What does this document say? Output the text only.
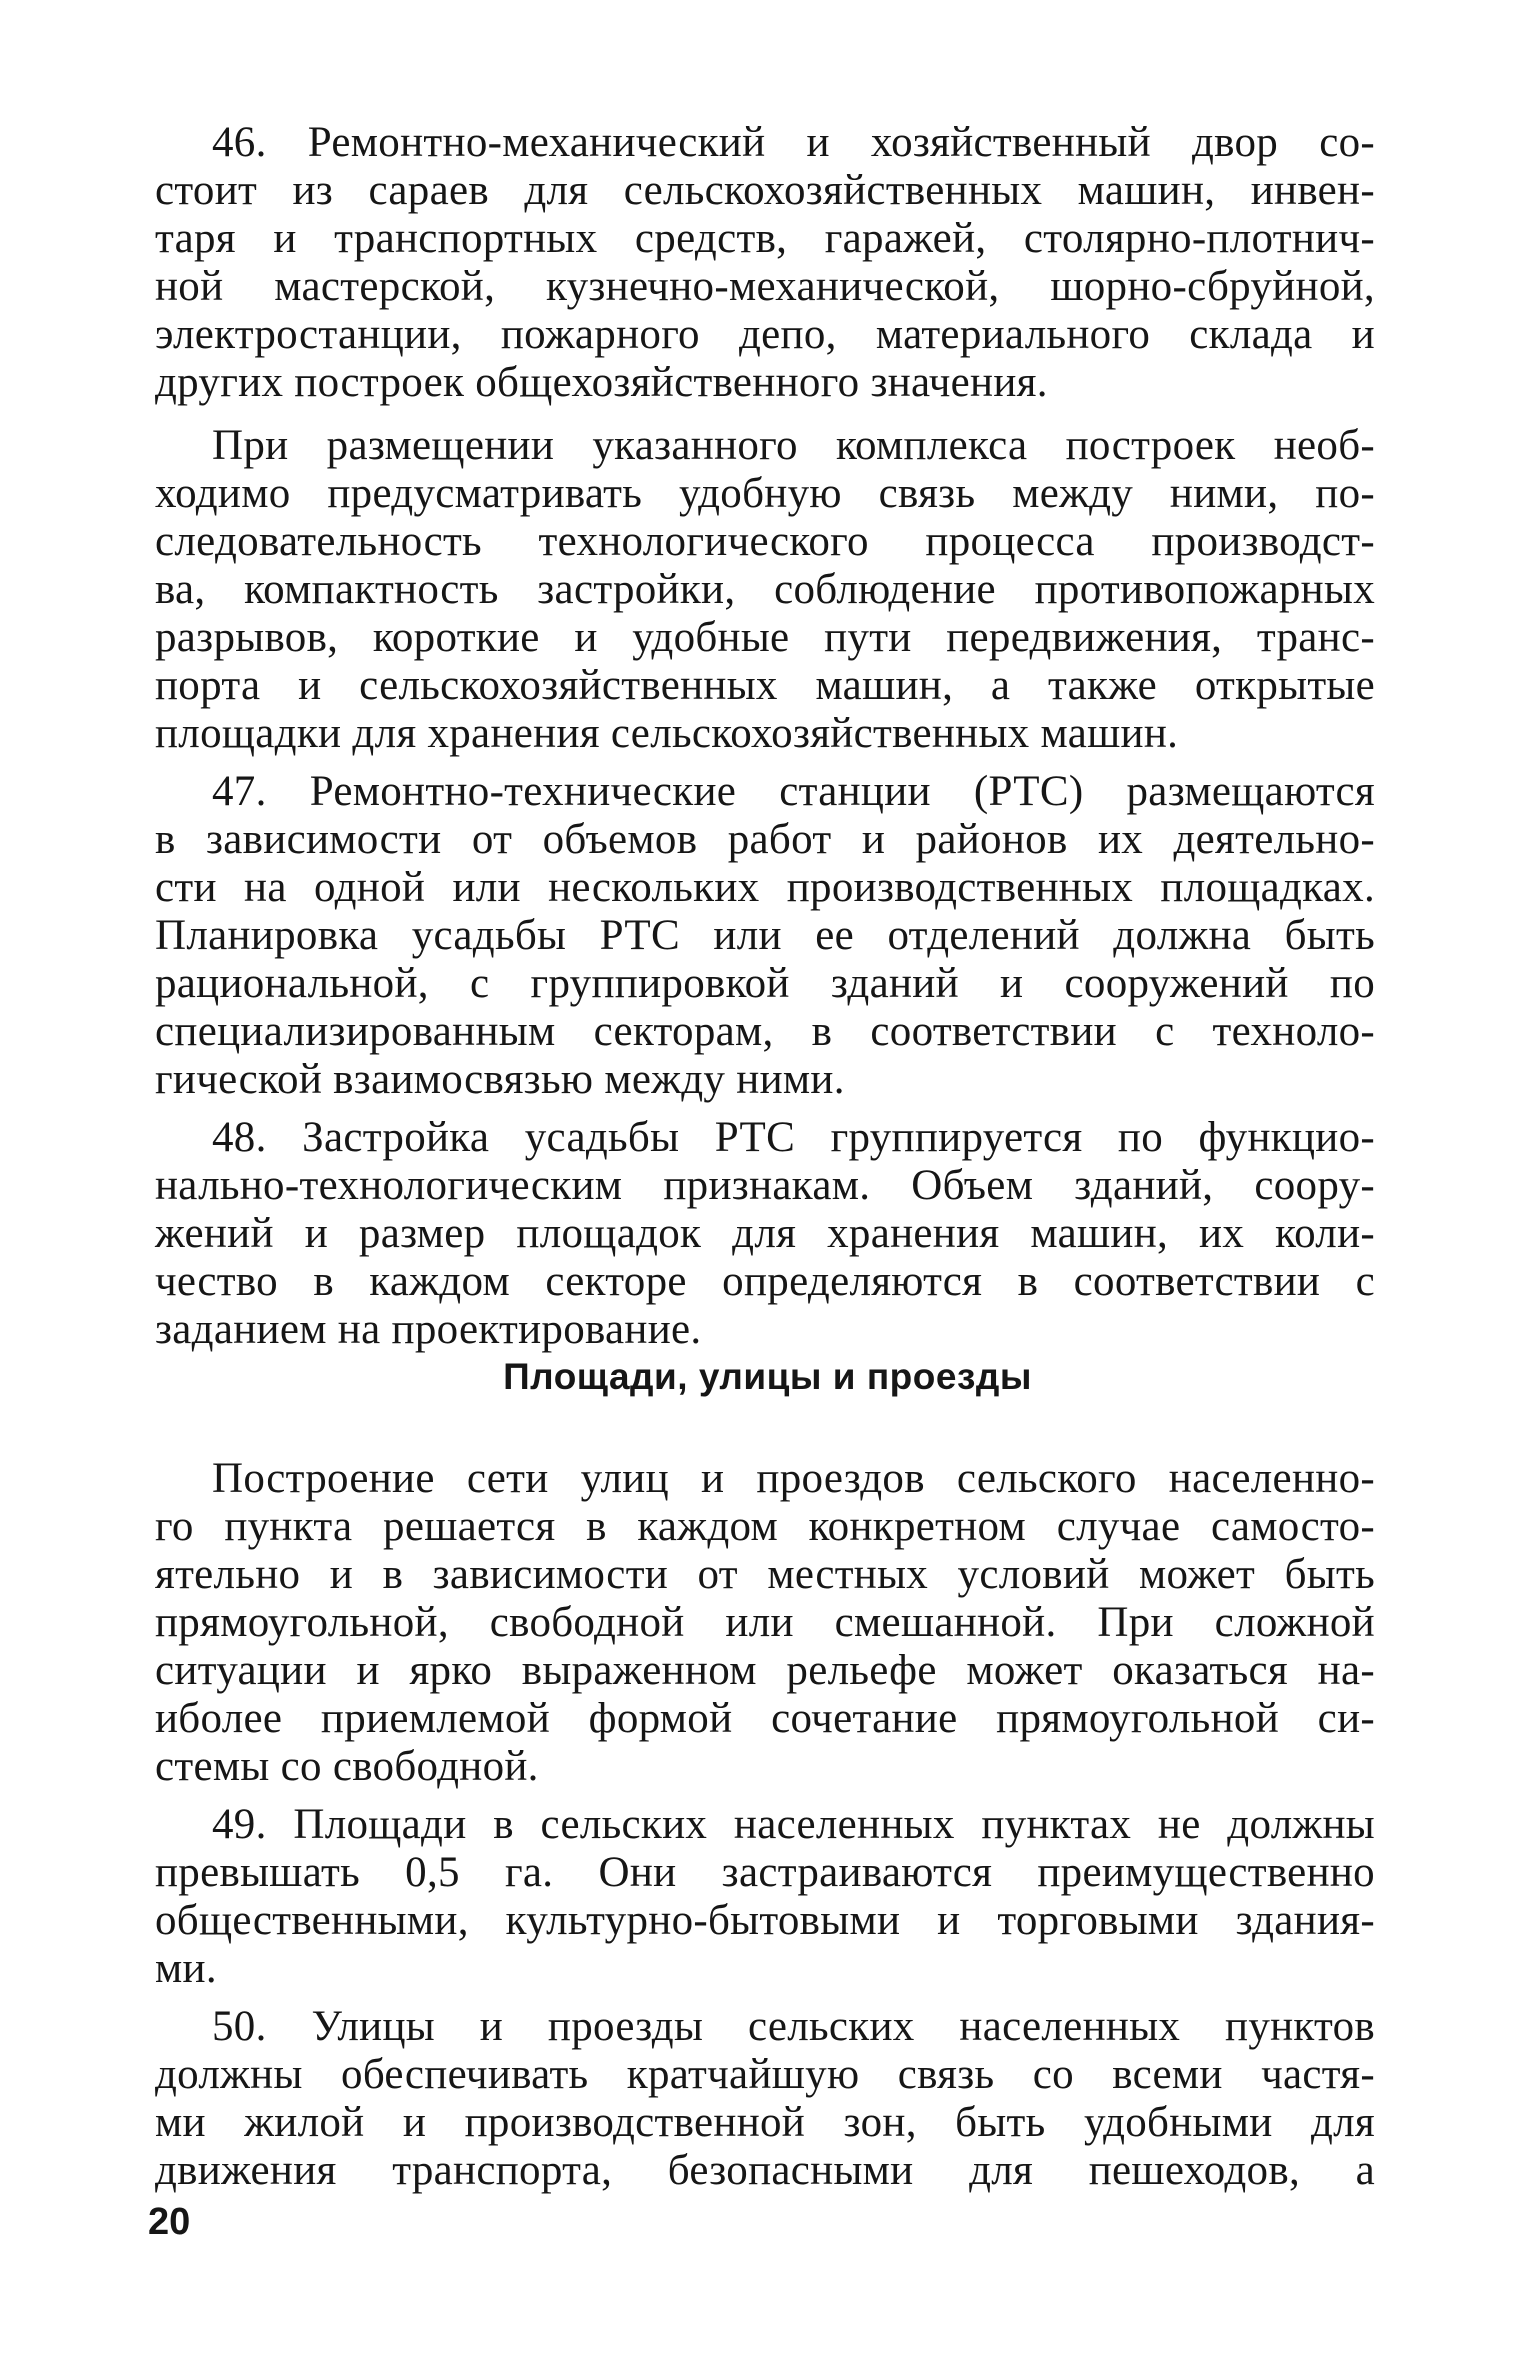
46. Ремонтно-механический и хозяйственный двор со-
стоит из сараев для сельскохозяйственных машин, инвен-
таря и транспортных средств, гаражей, столярно-плотнич-
ной мастерской, кузнечно-механической, шорно-сбруйной,
электростанции, пожарного депо, материального склада и
других построек общехозяйственного значения.
При размещении указанного комплекса построек необ-
ходимо предусматривать удобную связь между ними, по-
следовательность технологического процесса производст-
ва, компактность застройки, соблюдение противопожарных
разрывов, короткие и удобные пути передвижения, транс-
порта и сельскохозяйственных машин, а также открытые
площадки для хранения сельскохозяйственных машин.
47. Ремонтно-технические станции (РТС) размещаются
в зависимости от объемов работ и районов их деятельно-
сти на одной или нескольких производственных площадках.
Планировка усадьбы РТС или ее отделений должна быть
рациональной, с группировкой зданий и сооружений по
специализированным секторам, в соответствии с техноло-
гической взаимосвязью между ними.
48. Застройка усадьбы РТС группируется по функцио-
нально-технологическим признакам. Объем зданий, соору-
жений и размер площадок для хранения машин, их коли-
чество в каждом секторе определяются в соответствии с
заданием на проектирование.
Площади, улицы и проезды
Построение сети улиц и проездов сельского населенно-
го пункта решается в каждом конкретном случае самосто-
ятельно и в зависимости от местных условий может быть
прямоугольной, свободной или смешанной. При сложной
ситуации и ярко выраженном рельефе может оказаться на-
иболее приемлемой формой сочетание прямоугольной си-
стемы со свободной.
49. Площади в сельских населенных пунктах не должны
превышать 0,5 га. Они застраиваются преимущественно
общественными, культурно-бытовыми и торговыми здания-
ми.
50. Улицы и проезды сельских населенных пунктов
должны обеспечивать кратчайшую связь со всеми частя-
ми жилой и производственной зон, быть удобными для
движения транспорта, безопасными для пешеходов, а
20
